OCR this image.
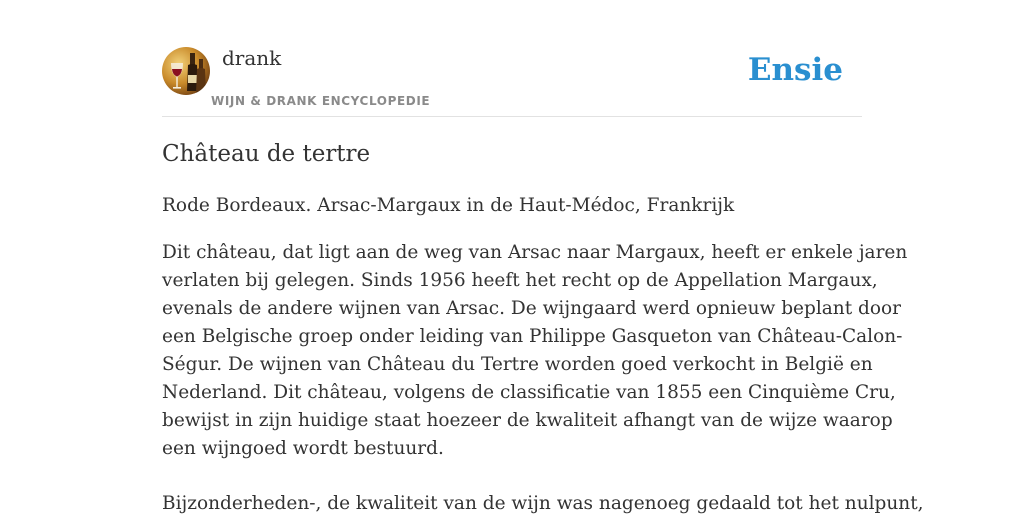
drank
WIJN & DRANK ENCYCLOPEDIE
Ensie
Château de tertre

Rode Bordeaux. Arsac-Margaux in de Haut-Médoc, Frankrijk

Dit château, dat ligt aan de weg van Arsac naar Margaux, heeft er enkele jaren
verlaten bij gelegen. Sinds 1956 heeft het recht op de Appellation Margaux,
evenals de andere wijnen van Arsac. De wijngaard werd opnieuw beplant door
een Belgische groep onder leiding van Philippe Gasqueton van Château-Calon-
Ségur. De wijnen van Château du Tertre worden goed verkocht in België en
Nederland. Dit château, volgens de classificatie van 1855 een Cinquième Cru,
bewijst in zijn huidige staat hoezeer de kwaliteit afhangt van de wijze waarop
een wijngoed wordt bestuurd.

Bijzonderheden-, de kwaliteit van de wijn was nagenoeg gedaald tot het nulpunt,
